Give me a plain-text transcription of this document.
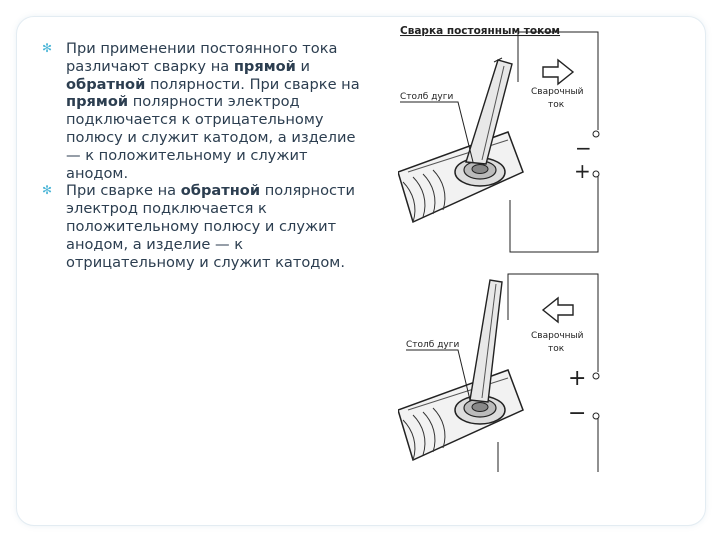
✻ При применении постоянного тока различают сварку на прямой и обратной полярности. При сварке на прямой полярности электрод подключается к отрицательному полюсу и служит катодом, а изделие — к положительному и служит анодом.

✻ При сварке на обратной полярности электрод подключается к положительному полюсу и служит анодом, а изделие — к отрицательному и служит катодом.

Сварка постоянным током
Столб дуги	Сварочный
ток
−
+
Столб дуги
Сварочный
ток
+
−
